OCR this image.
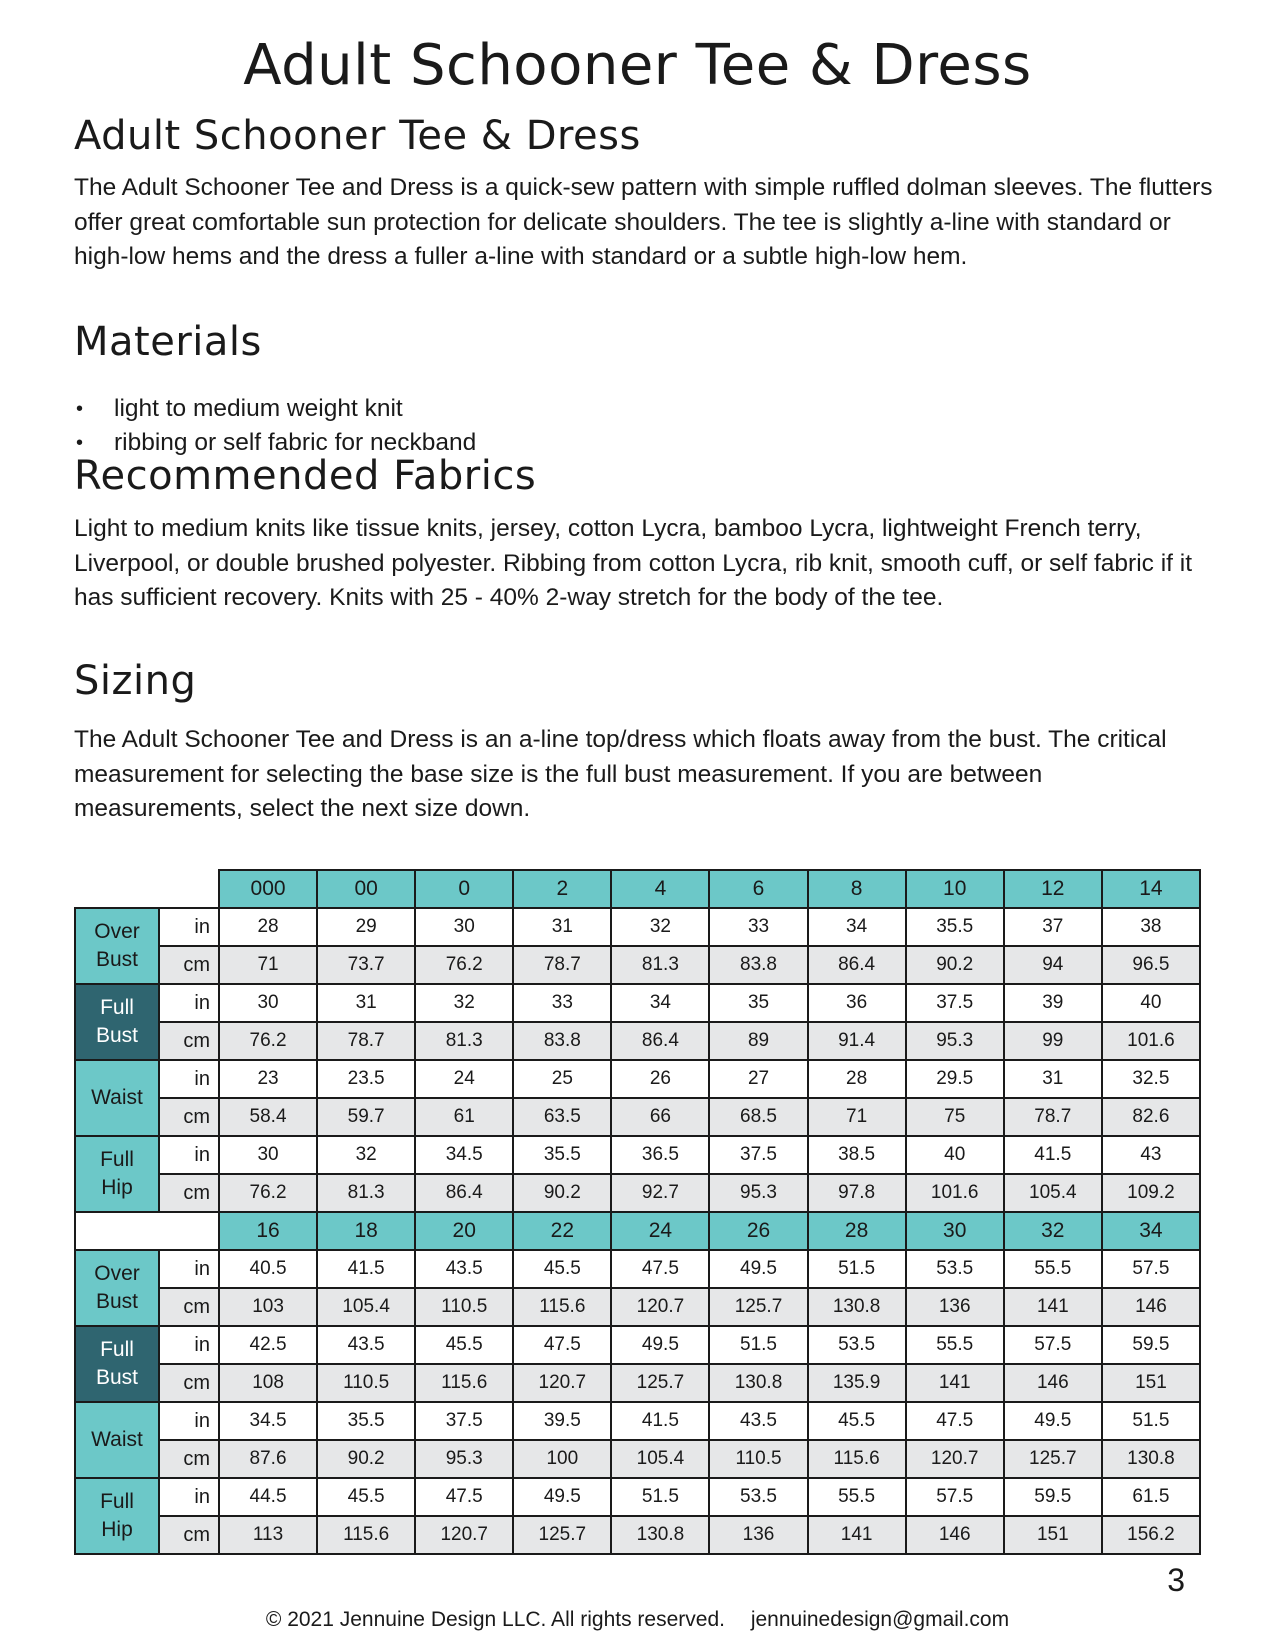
Adult Schooner Tee & Dress
Adult Schooner Tee & Dress

The Adult Schooner Tee and Dress is a quick-sew pattern with simple ruffled dolman sleeves. The flutters offer great comfortable sun protection for delicate shoulders. The tee is slightly a-line with standard or high-low hems and the dress a fuller a-line with standard or a subtle high-low hem.

Materials
• light to medium weight knit
• ribbing or self fabric for neckband
Recommended Fabrics

Light to medium knits like tissue knits, jersey, cotton Lycra, bamboo Lycra, lightweight French terry, Liverpool, or double brushed polyester. Ribbing from cotton Lycra, rib knit, smooth cuff, or self fabric if it has sufficient recovery. Knits with 25 - 40% 2-way stretch for the body of the tee.

Sizing

The Adult Schooner Tee and Dress is an a-line top/dress which floats away from the bust. The critical measurement for selecting the base size is the full bust measurement. If you are between measurements, select the next size down.

		000	00	0	2	4	6	8	10	12	14

Over
Bust	in	28	29	30	31	32	33	34	35.5	37	38
	cm	71	73.7	76.2	78.7	81.3	83.8	86.4	90.2	94	96.5

Full
Bust	in	30	31	32	33	34	35	36	37.5	39	40
	cm	76.2	78.7	81.3	83.8	86.4	89	91.4	95.3	99	101.6

Waist	in	23	23.5	24	25	26	27	28	29.5	31	32.5
	cm	58.4	59.7	61	63.5	66	68.5	71	75	78.7	82.6

Full
Hip	in	30	32	34.5	35.5	36.5	37.5	38.5	40	41.5	43
	cm	76.2	81.3	86.4	90.2	92.7	95.3	97.8	101.6	105.4	109.2
		16	18	20	22	24	26	28	30	32	34

Over
Bust	in	40.5	41.5	43.5	45.5	47.5	49.5	51.5	53.5	55.5	57.5
	cm	103	105.4	110.5	115.6	120.7	125.7	130.8	136	141	146

Full
Bust	in	42.5	43.5	45.5	47.5	49.5	51.5	53.5	55.5	57.5	59.5
	cm	108	110.5	115.6	120.7	125.7	130.8	135.9	141	146	151

Waist	in	34.5	35.5	37.5	39.5	41.5	43.5	45.5	47.5	49.5	51.5
	cm	87.6	90.2	95.3	100	105.4	110.5	115.6	120.7	125.7	130.8

Full
Hip	in	44.5	45.5	47.5	49.5	51.5	53.5	55.5	57.5	59.5	61.5
	cm	113	115.6	120.7	125.7	130.8	136	141	146	151	156.2
3
© 2021 Jennuine Design LLC. All rights reserved. jennuinedesign@gmail.com
